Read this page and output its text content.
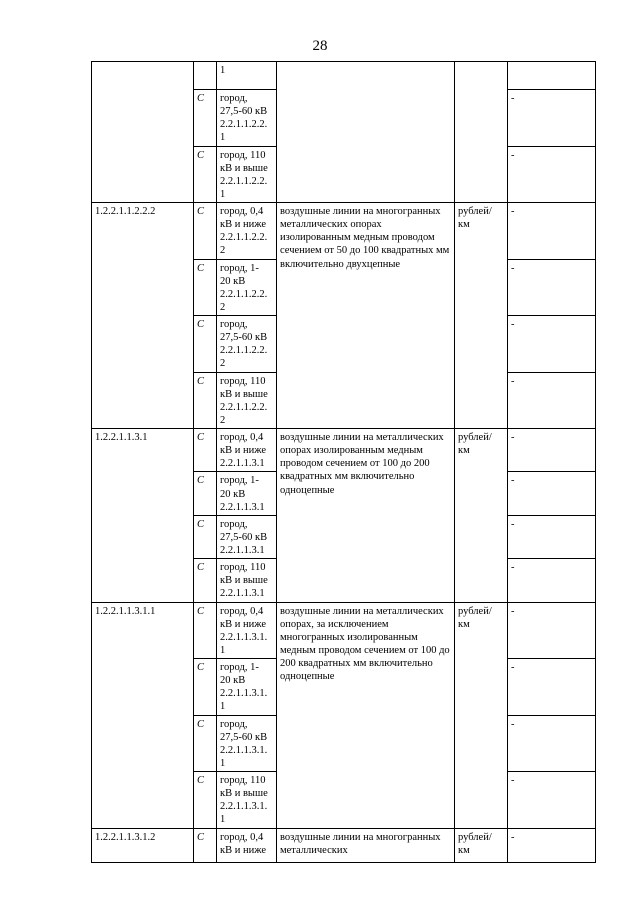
28

		1			

	С	город,
27,5-60 кВ
2.2.1.1.2.2.
1			-
	С	город, 110
кВ и выше
2.2.1.1.2.2.
1			-
1.2.2.1.1.2.2.2	С	город, 0,4
кВ и ниже
2.2.1.1.2.2.
2	воздушные линии на многогранных металлических опорах изолированным медным проводом сечением от 50 до 100 квадратных мм включительно двухцепные	рублей/ км	-
	С	город, 1-
20 кВ
2.2.1.1.2.2.
2			-
	С	город,
27,5-60 кВ
2.2.1.1.2.2.
2			-
	С	город, 110
кВ и выше
2.2.1.1.2.2.
2			-
1.2.2.1.1.3.1	С	город, 0,4
кВ и ниже
2.2.1.1.3.1	воздушные линии на металлических опорах изолированным медным проводом сечением от 100 до 200 квадратных мм включительно одноцепные	рублей/ км	-
	С	город, 1-
20 кВ
2.2.1.1.3.1			-
	С	город,
27,5-60 кВ
2.2.1.1.3.1			-
	С	город, 110
кВ и выше
2.2.1.1.3.1			-
1.2.2.1.1.3.1.1	С	город, 0,4
кВ и ниже
2.2.1.1.3.1.
1	воздушные линии на металлических опорах, за исключением многогранных изолированным медным проводом сечением от 100 до 200 квадратных мм включительно одноцепные	рублей/ км	-
	С	город, 1-
20 кВ
2.2.1.1.3.1.
1			-
	С	город,
27,5-60 кВ
2.2.1.1.3.1.
1			-
	С	город, 110
кВ и выше
2.2.1.1.3.1.
1			-
1.2.2.1.1.3.1.2	С	город, 0,4
кВ и ниже	воздушные линии на многогранных металлических	рублей/ км	-
